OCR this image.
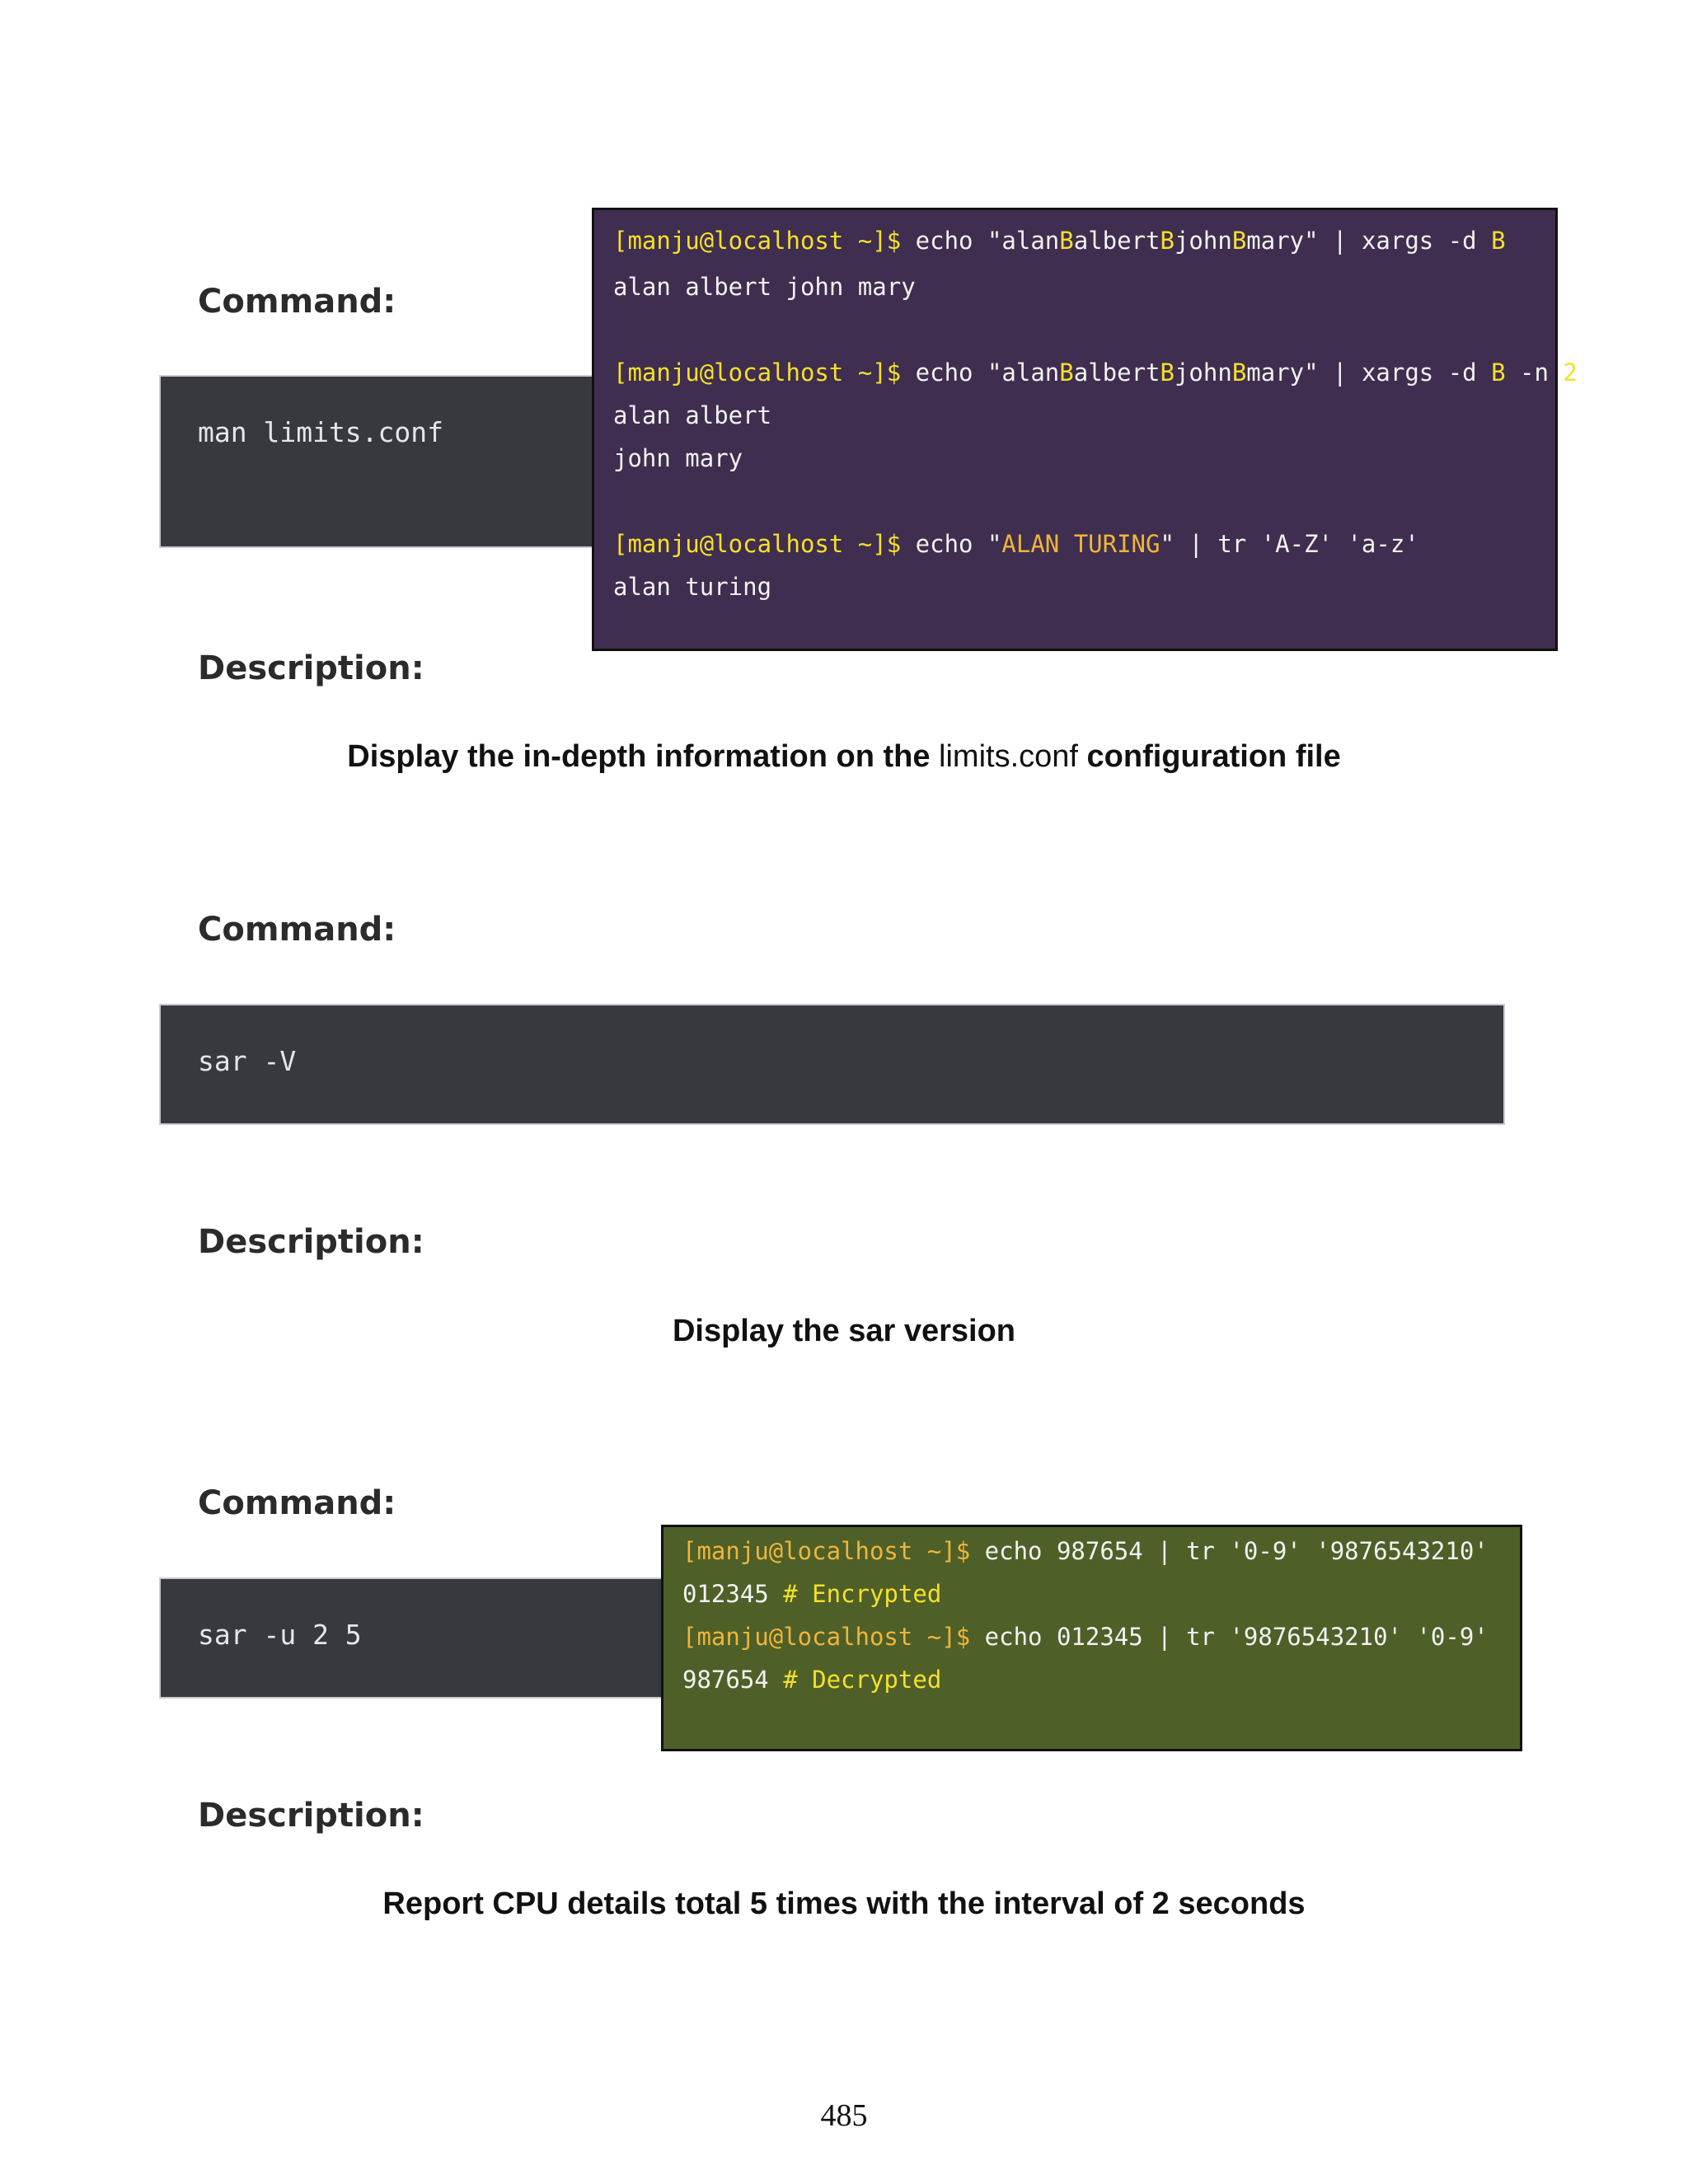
Command:
man limits.conf
Description:

Display the in-depth information on the limits.conf configuration file

[manju@localhost ~]$ echo "alanBalbertBjohnBmary" | xargs -d B
alan albert john mary
[manju@localhost ~]$ echo "alanBalbertBjohnBmary" | xargs -d B -n 2
alan albert
john mary
[manju@localhost ~]$ echo "ALAN TURING" | tr 'A-Z' 'a-z'
alan turing
Command:
sar -V
Description:

Display the sar version

Command:
sar -u 2 5
[manju@localhost ~]$ echo 987654 | tr '0-9' '9876543210'
012345 # Encrypted
[manju@localhost ~]$ echo 012345 | tr '9876543210' '0-9'
987654 # Decrypted
Description:

Report CPU details total 5 times with the interval of 2 seconds

485
